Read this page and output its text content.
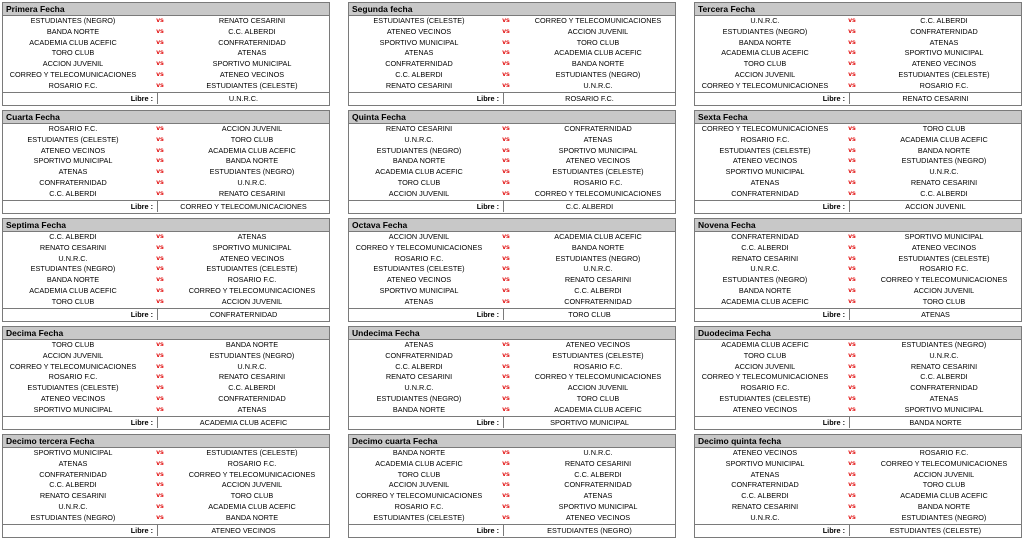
Primera Fecha
ESTUDIANTES (NEGRO)	vs	RENATO CESARINI
BANDA NORTE	vs	C.C. ALBERDI
ACADEMIA CLUB ACEFIC	vs	CONFRATERNIDAD
TORO CLUB	vs	ATENAS
ACCION JUVENIL	vs	SPORTIVO MUNICIPAL
CORREO Y TELECOMUNICACIONES	vs	ATENEO VECINOS
ROSARIO F.C.	vs	ESTUDIANTES (CELESTE)
Libre :	U.N.R.C.
Segunda fecha
ESTUDIANTES (CELESTE)	vs	CORREO Y TELECOMUNICACIONES
ATENEO VECINOS	vs	ACCION JUVENIL
SPORTIVO MUNICIPAL	vs	TORO CLUB
ATENAS	vs	ACADEMIA CLUB ACEFIC
CONFRATERNIDAD	vs	BANDA NORTE
C.C. ALBERDI	vs	ESTUDIANTES (NEGRO)
RENATO CESARINI	vs	U.N.R.C.
Libre :	ROSARIO F.C.
Tercera Fecha
U.N.R.C.	vs	C.C. ALBERDI
ESTUDIANTES (NEGRO)	vs	CONFRATERNIDAD
BANDA NORTE	vs	ATENAS
ACADEMIA CLUB ACEFIC	vs	SPORTIVO MUNICIPAL
TORO CLUB	vs	ATENEO VECINOS
ACCION JUVENIL	vs	ESTUDIANTES (CELESTE)
CORREO Y TELECOMUNICACIONES	vs	ROSARIO F.C.
Libre :	RENATO CESARINI
Cuarta Fecha
ROSARIO F.C.	vs	ACCION JUVENIL
ESTUDIANTES (CELESTE)	vs	TORO CLUB
ATENEO VECINOS	vs	ACADEMIA CLUB ACEFIC
SPORTIVO MUNICIPAL	vs	BANDA NORTE
ATENAS	vs	ESTUDIANTES (NEGRO)
CONFRATERNIDAD	vs	U.N.R.C.
C.C. ALBERDI	vs	RENATO CESARINI
Libre :	CORREO Y TELECOMUNICACIONES
Quinta Fecha
RENATO CESARINI	vs	CONFRATERNIDAD
U.N.R.C.	vs	ATENAS
ESTUDIANTES (NEGRO)	vs	SPORTIVO MUNICIPAL
BANDA NORTE	vs	ATENEO VECINOS
ACADEMIA CLUB ACEFIC	vs	ESTUDIANTES (CELESTE)
TORO CLUB	vs	ROSARIO F.C.
ACCION JUVENIL	vs	CORREO Y TELECOMUNICACIONES
Libre :	C.C. ALBERDI
Sexta Fecha
CORREO Y TELECOMUNICACIONES	vs	TORO CLUB
ROSARIO F.C.	vs	ACADEMIA CLUB ACEFIC
ESTUDIANTES (CELESTE)	vs	BANDA NORTE
ATENEO VECINOS	vs	ESTUDIANTES (NEGRO)
SPORTIVO MUNICIPAL	vs	U.N.R.C.
ATENAS	vs	RENATO CESARINI
CONFRATERNIDAD	vs	C.C. ALBERDI
Libre :	ACCION JUVENIL
Septima Fecha
C.C. ALBERDI	vs	ATENAS
RENATO CESARINI	vs	SPORTIVO MUNICIPAL
U.N.R.C.	vs	ATENEO VECINOS
ESTUDIANTES (NEGRO)	vs	ESTUDIANTES (CELESTE)
BANDA NORTE	vs	ROSARIO F.C.
ACADEMIA CLUB ACEFIC	vs	CORREO Y TELECOMUNICACIONES
TORO CLUB	vs	ACCION JUVENIL
Libre :	CONFRATERNIDAD
Octava Fecha
ACCION JUVENIL	vs	ACADEMIA CLUB ACEFIC
CORREO Y TELECOMUNICACIONES	vs	BANDA NORTE
ROSARIO F.C.	vs	ESTUDIANTES (NEGRO)
ESTUDIANTES (CELESTE)	vs	U.N.R.C.
ATENEO VECINOS	vs	RENATO CESARINI
SPORTIVO MUNICIPAL	vs	C.C. ALBERDI
ATENAS	vs	CONFRATERNIDAD
Libre :	TORO CLUB
Novena Fecha
CONFRATERNIDAD	vs	SPORTIVO MUNICIPAL
C.C. ALBERDI	vs	ATENEO VECINOS
RENATO CESARINI	vs	ESTUDIANTES (CELESTE)
U.N.R.C.	vs	ROSARIO F.C.
ESTUDIANTES (NEGRO)	vs	CORREO Y TELECOMUNICACIONES
BANDA NORTE	vs	ACCION JUVENIL
ACADEMIA CLUB ACEFIC	vs	TORO CLUB
Libre :	ATENAS
Decima Fecha
TORO CLUB	vs	BANDA NORTE
ACCION JUVENIL	vs	ESTUDIANTES (NEGRO)
CORREO Y TELECOMUNICACIONES	vs	U.N.R.C.
ROSARIO F.C.	vs	RENATO CESARINI
ESTUDIANTES (CELESTE)	vs	C.C. ALBERDI
ATENEO VECINOS	vs	CONFRATERNIDAD
SPORTIVO MUNICIPAL	vs	ATENAS
Libre :	ACADEMIA CLUB ACEFIC
Undecima Fecha
ATENAS	vs	ATENEO VECINOS
CONFRATERNIDAD	vs	ESTUDIANTES (CELESTE)
C.C. ALBERDI	vs	ROSARIO F.C.
RENATO CESARINI	vs	CORREO Y TELECOMUNICACIONES
U.N.R.C.	vs	ACCION JUVENIL
ESTUDIANTES (NEGRO)	vs	TORO CLUB
BANDA NORTE	vs	ACADEMIA CLUB ACEFIC
Libre :	SPORTIVO MUNICIPAL
Duodecima Fecha
ACADEMIA CLUB ACEFIC	vs	ESTUDIANTES (NEGRO)
TORO CLUB	vs	U.N.R.C.
ACCION JUVENIL	vs	RENATO CESARINI
CORREO Y TELECOMUNICACIONES	vs	C.C. ALBERDI
ROSARIO F.C.	vs	CONFRATERNIDAD
ESTUDIANTES (CELESTE)	vs	ATENAS
ATENEO VECINOS	vs	SPORTIVO MUNICIPAL
Libre :	BANDA NORTE
Decimo tercera Fecha
SPORTIVO MUNICIPAL	vs	ESTUDIANTES (CELESTE)
ATENAS	vs	ROSARIO F.C.
CONFRATERNIDAD	vs	CORREO Y TELECOMUNICACIONES
C.C. ALBERDI	vs	ACCION JUVENIL
RENATO CESARINI	vs	TORO CLUB
U.N.R.C.	vs	ACADEMIA CLUB ACEFIC
ESTUDIANTES (NEGRO)	vs	BANDA NORTE
Libre :	ATENEO VECINOS
Decimo cuarta Fecha
BANDA NORTE	vs	U.N.R.C.
ACADEMIA CLUB ACEFIC	vs	RENATO CESARINI
TORO CLUB	vs	C.C. ALBERDI
ACCION JUVENIL	vs	CONFRATERNIDAD
CORREO Y TELECOMUNICACIONES	vs	ATENAS
ROSARIO F.C.	vs	SPORTIVO MUNICIPAL
ESTUDIANTES (CELESTE)	vs	ATENEO VECINOS
Libre :	ESTUDIANTES (NEGRO)
Decimo quinta fecha
ATENEO VECINOS	vs	ROSARIO F.C.
SPORTIVO MUNICIPAL	vs	CORREO Y TELECOMUNICACIONES
ATENAS	vs	ACCION JUVENIL
CONFRATERNIDAD	vs	TORO CLUB
C.C. ALBERDI	vs	ACADEMIA CLUB ACEFIC
RENATO CESARINI	vs	BANDA NORTE
U.N.R.C.	vs	ESTUDIANTES (NEGRO)
Libre :	ESTUDIANTES (CELESTE)
